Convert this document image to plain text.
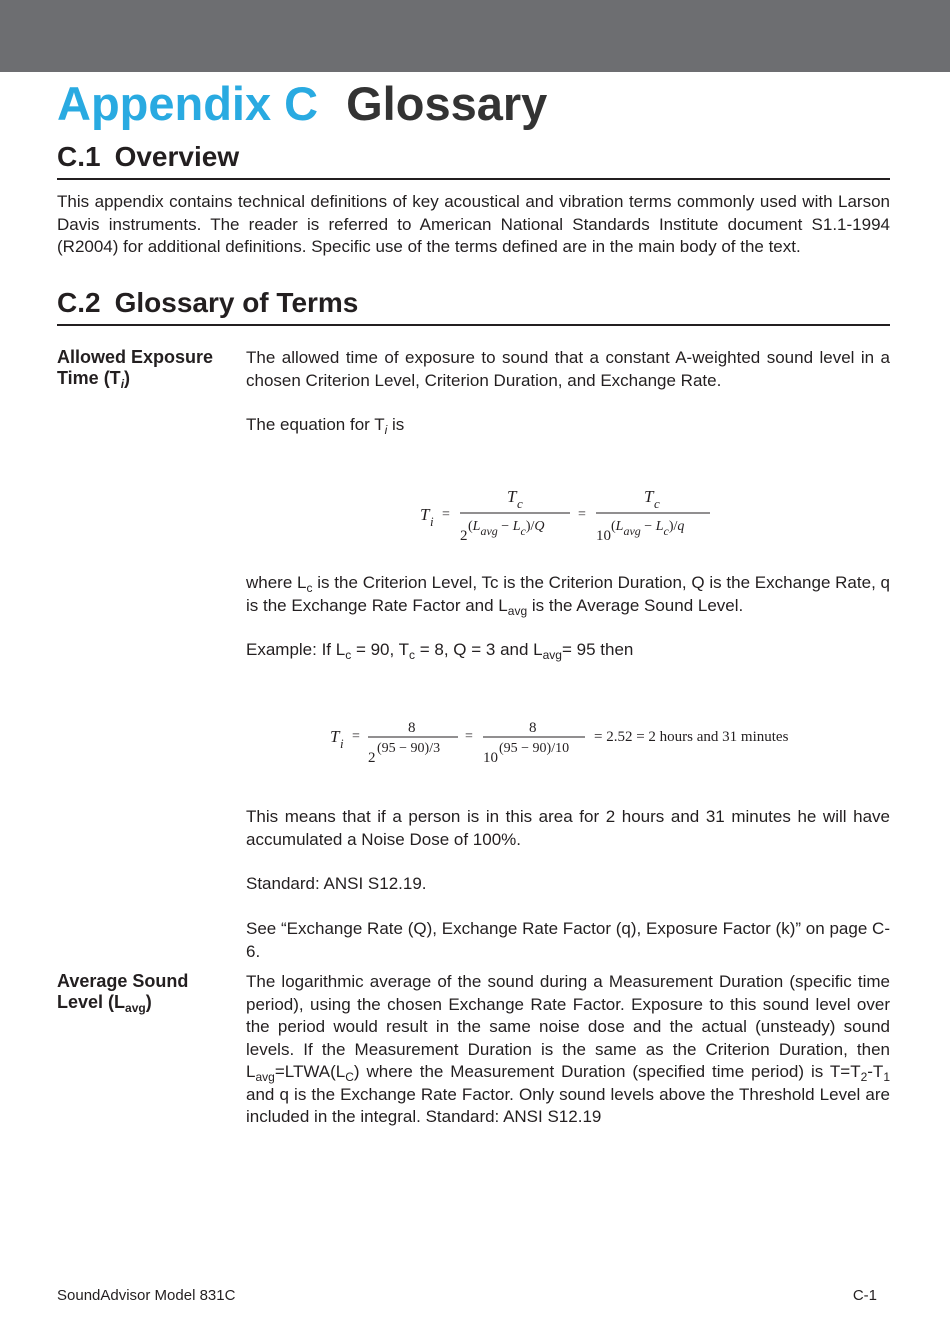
Appendix C Glossary
C.1 Overview
This appendix contains technical definitions of key acoustical and vibration terms commonly used with Larson Davis instruments. The reader is referred to American National Standards Institute document S1.1-1994 (R2004) for additional definitions. Specific use of the terms defined are in the main body of the text.
C.2 Glossary of Terms
Allowed Exposure
Time $(T_i)$
The allowed time of exposure to sound that a constant A-weighted sound level in a chosen Criterion Level, Criterion Duration, and Exchange Rate.
The equation for $T_i$ is
T i =
T c
2
(Lavg − Lc)/Q
=
T c
10
(Lavg − Lc)/q
where $L_c$ is the Criterion Level, Tc is the Criterion Duration, Q is the Exchange Rate, q is the Exchange Rate Factor and $L_{avg}$ is the Average Sound Level.
Example: If $L_c = 90$, $T_c = 8$, Q = 3 and $L_{avg}= 95$ then
T i =
8
2
(95 − 90)/3
=
8
10
(95 − 90)/10
= 2.52 = 2 hours and 31 minutes
This means that if a person is in this area for 2 hours and 31 minutes he will have accumulated a Noise Dose of 100%.
Standard: ANSI S12.19.
See “Exchange Rate (Q), Exchange Rate Factor (q), Exposure Factor (k)” on page C-6.
Average Sound
Level $(L_{avg})$
The logarithmic average of the sound during a Measurement Duration (specific time period), using the chosen Exchange Rate Factor. Exposure to this sound level over the period would result in the same noise dose and the actual (unsteady) sound levels. If the Measurement Duration is the same as the Criterion Duration, then $L_{avg}=LTWA(L_C)$ where the Measurement Duration (specified time period) is $T=T_2-T_1$ and q is the Exchange Rate Factor. Only sound levels above the Threshold Level are included in the integral. Standard: ANSI S12.19
SoundAdvisor Model 831C	C-1
